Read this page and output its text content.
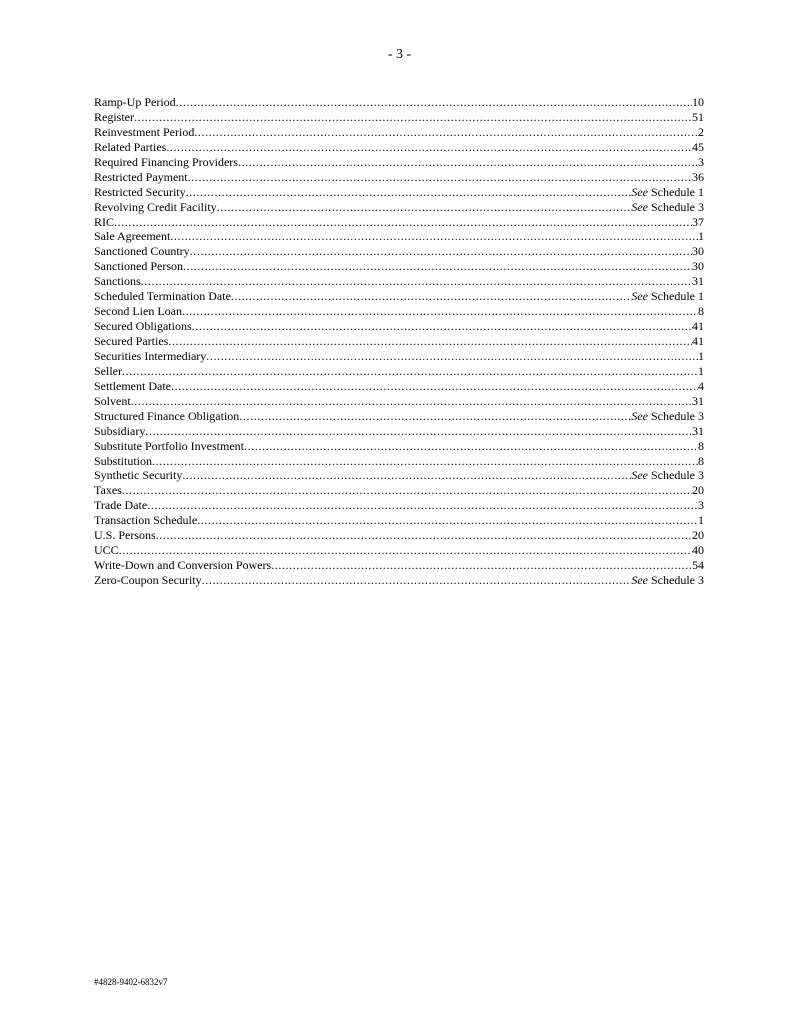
- 3 -
Ramp-Up Period .....	10
Register .....	51
Reinvestment Period .....	2
Related Parties .....	45
Required Financing Providers .....	3
Restricted Payment .....	36
Restricted Security .....	See Schedule 1
Revolving Credit Facility .....	See Schedule 3
RIC .....	37
Sale Agreement .....	1
Sanctioned Country .....	30
Sanctioned Person .....	30
Sanctions .....	31
Scheduled Termination Date .....	See Schedule 1
Second Lien Loan .....	8
Secured Obligations .....	41
Secured Parties .....	41
Securities Intermediary .....	1
Seller .....	1
Settlement Date .....	4
Solvent .....	31
Structured Finance Obligation .....	See Schedule 3
Subsidiary .....	31
Substitute Portfolio Investment .....	8
Substitution .....	8
Synthetic Security .....	See Schedule 3
Taxes .....	20
Trade Date .....	3
Transaction Schedule .....	1
U.S. Persons .....	20
UCC .....	40
Write-Down and Conversion Powers .....	54
Zero-Coupon Security .....	See Schedule 3
#4828-9402-6832v7
